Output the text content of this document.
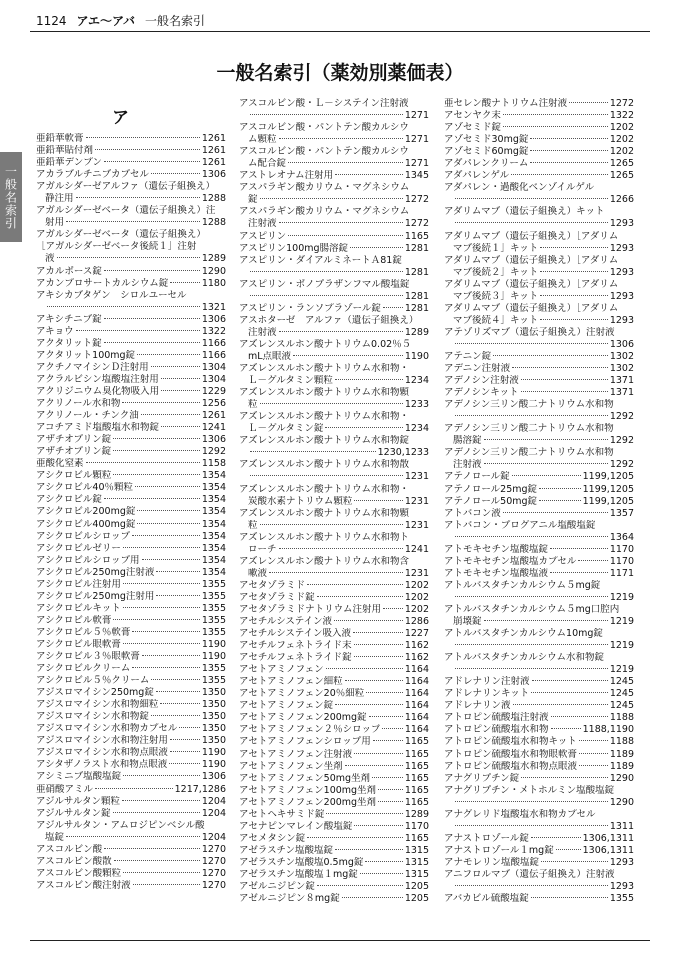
1124 アエ～アバ 一般名索引
一般名索引
一般名索引（薬効別薬価表）
ア
亜鉛華軟膏	1261
亜鉛華貼付剤	1261
亜鉛華デンプン	1261
アカラブルチニブカプセル	1306
アガルシダーゼアルファ（遺伝子組換え）
静注用	1288
アガルシダーゼベータ（遺伝子組換え）注
射用	1288
アガルシダーゼベータ（遺伝子組換え）
［アガルシダーゼベータ後続１］注射
液	1289
アカルボース錠	1290
アカンプロサートカルシウム錠	1180
アキシカブタゲン　シロルユーセル
1321
アキシチニブ錠	1306
アキョウ	1322
アクタリット錠	1166
アクタリット100mg錠	1166
アクチノマイシンＤ注射用	1304
アクラルビシン塩酸塩注射用	1304
アクリジニウム臭化物吸入用	1229
アクリノール水和物	1256
アクリノール・チンク油	1261
アコチアミド塩酸塩水和物錠	1241
アザチオプリン錠	1306
アザチオプリン錠	1292
亜酸化窒素	1158
アシクロビル顆粒	1354
アシクロビル40％顆粒	1354
アシクロビル錠	1354
アシクロビル200mg錠	1354
アシクロビル400mg錠	1354
アシクロビルシロップ	1354
アシクロビルゼリー	1354
アシクロビルシロップ用	1354
アシクロビル250mg注射液	1354
アシクロビル注射用	1355
アシクロビル250mg注射用	1355
アシクロビルキット	1355
アシクロビル軟膏	1355
アシクロビル５％軟膏	1355
アシクロビル眼軟膏	1190
アシクロビル３％眼軟膏	1190
アシクロビルクリーム	1355
アシクロビル５％クリーム	1355
アジスロマイシン250mg錠	1350
アジスロマイシン水和物細粒	1350
アジスロマイシン水和物錠	1350
アジスロマイシン水和物カプセル	1350
アジスロマイシン水和物注射用	1350
アジスロマイシン水和物点眼液	1190
アシタザノラスト水和物点眼液	1190
アシミニブ塩酸塩錠	1306
亜硝酸アミル	1217,1286
アジルサルタン顆粒	1204
アジルサルタン錠	1204
アジルサルタン・アムロジピンベシル酸
塩錠	1204
アスコルビン酸	1270
アスコルビン酸散	1270
アスコルビン酸顆粒	1270
アスコルビン酸注射液	1270
アスコルビン酸・Ｌ－システイン注射液
1271
アスコルビン酸・パントテン酸カルシウ
ム顆粒	1271
アスコルビン酸・パントテン酸カルシウ
ム配合錠	1271
アストレオナム注射用	1345
アスパラギン酸カリウム・マグネシウム
錠	1272
アスパラギン酸カリウム・マグネシウム
注射液	1272
アスピリン	1165
アスピリン100mg腸溶錠	1281
アスピリン・ダイアルミネートＡ81錠
1281
アスピリン・ボノプラザンフマル酸塩錠
1281
アスピリン・ランソプラゾール錠	1281
アスホターゼ　アルファ（遺伝子組換え）
注射液	1289
アズレンスルホン酸ナトリウム0.02％５
mL点眼液	1190
アズレンスルホン酸ナトリウム水和物・
Ｌ－グルタミン顆粒	1234
アズレンスルホン酸ナトリウム水和物顆
粒	1233
アズレンスルホン酸ナトリウム水和物・
Ｌ－グルタミン錠	1234
アズレンスルホン酸ナトリウム水和物錠
1230,1233
アズレンスルホン酸ナトリウム水和物散
1231
アズレンスルホン酸ナトリウム水和物・
炭酸水素ナトリウム顆粒	1231
アズレンスルホン酸ナトリウム水和物顆
粒	1231
アズレンスルホン酸ナトリウム水和物ト
ローチ	1241
アズレンスルホン酸ナトリウム水和物含
嗽液	1231
アセタゾラミド	1202
アセタゾラミド錠	1202
アセタゾラミドナトリウム注射用	1202
アセチルシステイン液	1286
アセチルシステイン吸入液	1227
アセチルフェネトライド末	1162
アセチルフェネトライド錠	1162
アセトアミノフェン	1164
アセトアミノフェン細粒	1164
アセトアミノフェン20％細粒	1164
アセトアミノフェン錠	1164
アセトアミノフェン200mg錠	1164
アセトアミノフェン２％シロップ	1164
アセトアミノフェンシロップ用	1165
アセトアミノフェン注射液	1165
アセトアミノフェン坐剤	1165
アセトアミノフェン50mg坐剤	1165
アセトアミノフェン100mg坐剤	1165
アセトアミノフェン200mg坐剤	1165
アセトヘキサミド錠	1289
アセナピンマレイン酸塩錠	1170
アセメタシン錠	1165
アゼラスチン塩酸塩錠	1315
アゼラスチン塩酸塩0.5mg錠	1315
アゼラスチン塩酸塩１mg錠	1315
アゼルニジピン錠	1205
アゼルニジピン８mg錠	1205
亜セレン酸ナトリウム注射液	1272
アセンヤク末	1322
アゾセミド錠	1202
アゾセミド30mg錠	1202
アゾセミド60mg錠	1202
アダパレンクリーム	1265
アダパレンゲル	1265
アダパレン・過酸化ベンゾイルゲル
1266
アダリムマブ（遺伝子組換え）キット
1293
アダリムマブ（遺伝子組換え）［アダリム
マブ後続１］キット	1293
アダリムマブ（遺伝子組換え）［アダリム
マブ後続２］キット	1293
アダリムマブ（遺伝子組換え）［アダリム
マブ後続３］キット	1293
アダリムマブ（遺伝子組換え）［アダリム
マブ後続４］キット	1293
アテゾリズマブ（遺伝子組換え）注射液
1306
アテニン錠	1302
アデニン注射液	1302
アデノシン注射液	1371
アデノシンキット	1371
アデノシン三リン酸二ナトリウム水和物
1292
アデノシン三リン酸二ナトリウム水和物
腸溶錠	1292
アデノシン三リン酸二ナトリウム水和物
注射液	1292
アテノロール錠	1199,1205
アテノロール25mg錠	1199,1205
アテノロール50mg錠	1199,1205
アトバコン液	1357
アトバコン・プログアニル塩酸塩錠
1364
アトモキセチン塩酸塩錠	1170
アトモキセチン塩酸塩カプセル	1170
アトモキセチン塩酸塩液	1171
アトルバスタチンカルシウム５mg錠
1219
アトルバスタチンカルシウム５mg口腔内
崩壊錠	1219
アトルバスタチンカルシウム10mg錠
1219
アトルバスタチンカルシウム水和物錠
1219
アドレナリン注射液	1245
アドレナリンキット	1245
アドレナリン液	1245
アトロピン硫酸塩注射液	1188
アトロピン硫酸塩水和物	1188,1190
アトロピン硫酸塩水和物キット	1188
アトロピン硫酸塩水和物眼軟膏	1189
アトロピン硫酸塩水和物点眼液	1189
アナグリプチン錠	1290
アナグリプチン・メトホルミン塩酸塩錠
1290
アナグレリド塩酸塩水和物カプセル
1311
アナストロゾール錠	1306,1311
アナストロゾール１mg錠	1306,1311
アナモレリン塩酸塩錠	1293
アニフロルマブ（遺伝子組換え）注射液
1293
アバカビル硫酸塩錠	1355
